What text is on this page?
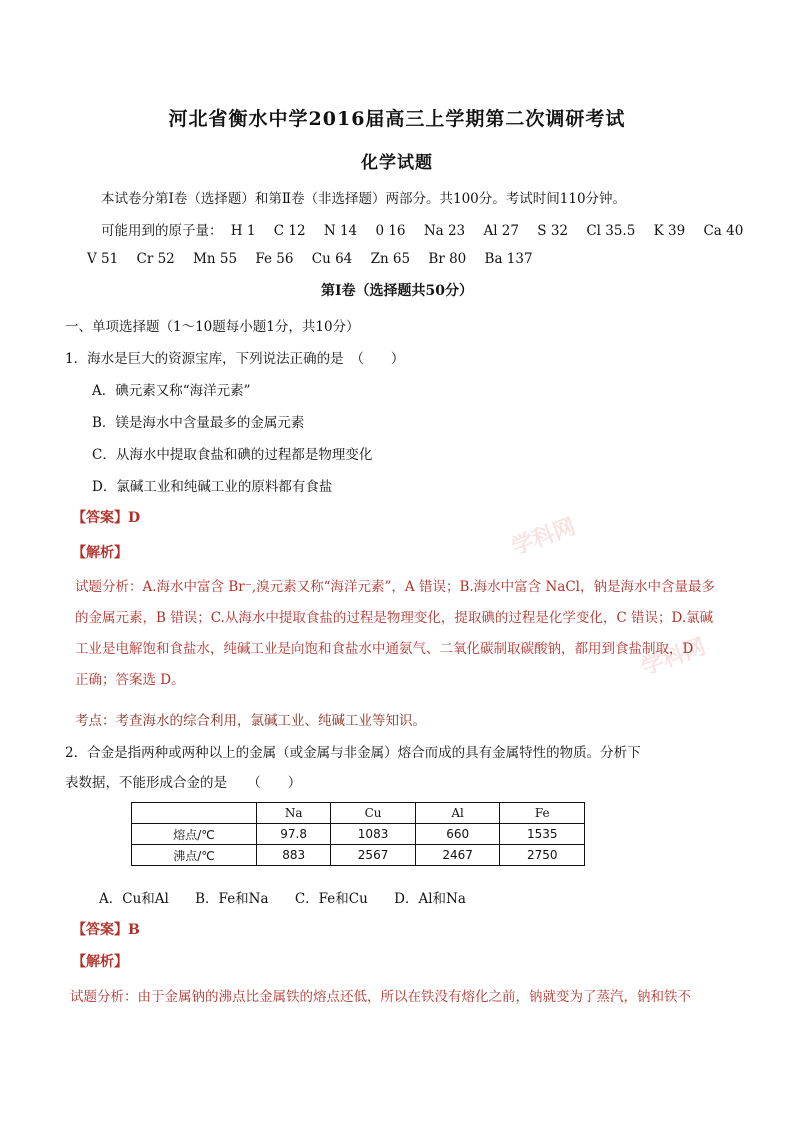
学科网
学科网
河北省衡水中学2016届高三上学期第二次调研考试
化学试题
本试卷分第Ⅰ卷（选择题）和第Ⅱ卷（非选择题）两部分。共100分。考试时间110分钟。
可能用到的原子量： H 1 C 12 N 14 0 16 Na 23 Al 27 S 32 Cl 35.5 K 39 Ca 40
V 51 Cr 52 Mn 55 Fe 56 Cu 64 Zn 65 Br 80 Ba 137
第Ⅰ卷（选择题共50分）
一、单项选择题（1～10题每小题1分，共10分）
1．海水是巨大的资源宝库，下列说法正确的是　（　　）
A．碘元素又称“海洋元素”
B．镁是海水中含量最多的金属元素
C．从海水中提取食盐和碘的过程都是物理变化
D．氯碱工业和纯碱工业的原料都有食盐
【答案】D
【解析】
试题分析：A.海水中富含 Br⁻,溴元素又称“海洋元素”，A 错误；B.海水中富含 NaCl，钠是海水中含量最多
的金属元素，B 错误；C.从海水中提取食盐的过程是物理变化，提取碘的过程是化学变化，C 错误；D.氯碱
工业是电解饱和食盐水，纯碱工业是向饱和食盐水中通氨气、二氧化碳制取碳酸钠，都用到食盐制取，D
正确；答案选 D。
考点：考查海水的综合利用，氯碱工业、纯碱工业等知识。
2．合金是指两种或两种以上的金属（或金属与非金属）熔合而成的具有金属特性的物质。分析下
表数据，不能形成合金的是　　（　　）
	Na	Cu	Al	Fe
熔点/℃	97.8	1083	660	1535
沸点/℃	883	2567	2467	2750
A．Cu和Al B．Fe和Na C．Fe和Cu D．Al和Na
【答案】B
【解析】
试题分析：由于金属钠的沸点比金属铁的熔点还低，所以在铁没有熔化之前，钠就变为了蒸汽，钠和铁不
